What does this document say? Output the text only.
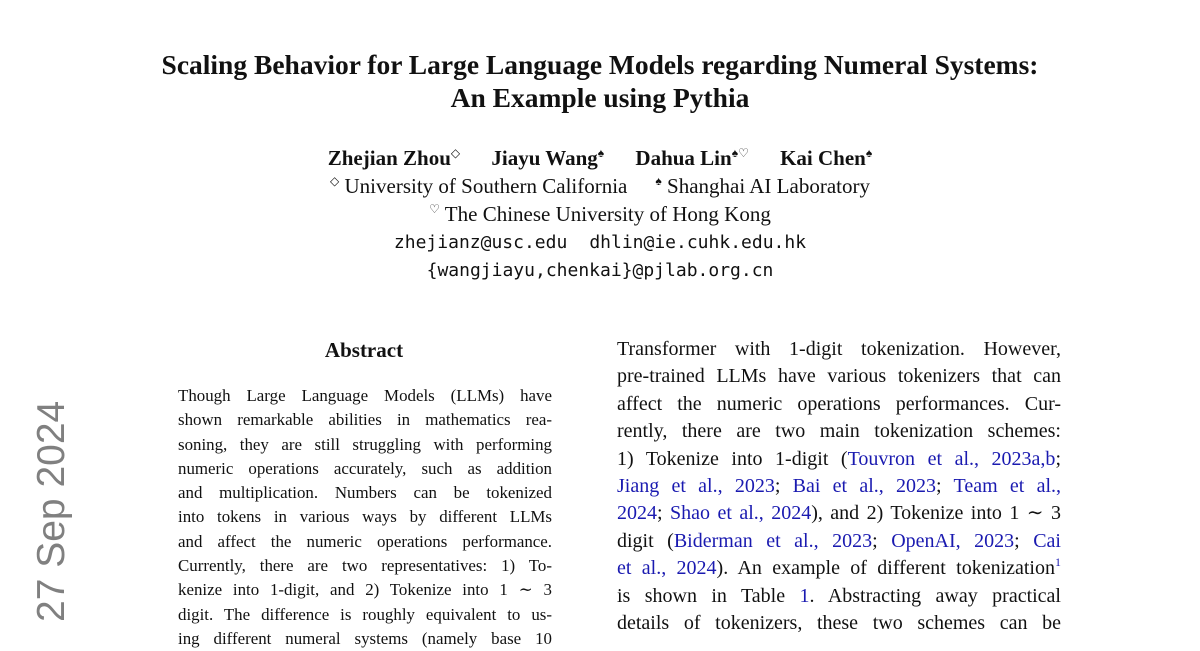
27 Sep 2024
Scaling Behavior for Large Language Models regarding Numeral Systems:
An Example using Pythia
Zhejian Zhou◇ Jiayu Wang♠ Dahua Lin♠♡ Kai Chen♠
◇ University of Southern California ♠ Shanghai AI Laboratory
♡ The Chinese University of Hong Kong
zhejianz@usc.edu dhlin@ie.cuhk.edu.hk
{wangjiayu,chenkai}@pjlab.org.cn
Abstract
Though Large Language Models (LLMs) have
shown remarkable abilities in mathematics rea-
soning, they are still struggling with performing
numeric operations accurately, such as addition
and multiplication. Numbers can be tokenized
into tokens in various ways by different LLMs
and affect the numeric operations performance.
Currently, there are two representatives: 1) To-
kenize into 1-digit, and 2) Tokenize into 1 ∼ 3
digit. The difference is roughly equivalent to us-
ing different numeral systems (namely base 10
Transformer with 1-digit tokenization. However,
pre-trained LLMs have various tokenizers that can
affect the numeric operations performances. Cur-
rently, there are two main tokenization schemes:
1) Tokenize into 1-digit (Touvron et al., 2023a,b;
Jiang et al., 2023; Bai et al., 2023; Team et al.,
2024; Shao et al., 2024), and 2) Tokenize into 1 ∼ 3
digit (Biderman et al., 2023; OpenAI, 2023; Cai
et al., 2024). An example of different tokenization$^1$
is shown in Table 1. Abstracting away practical
details of tokenizers, these two schemes can be
